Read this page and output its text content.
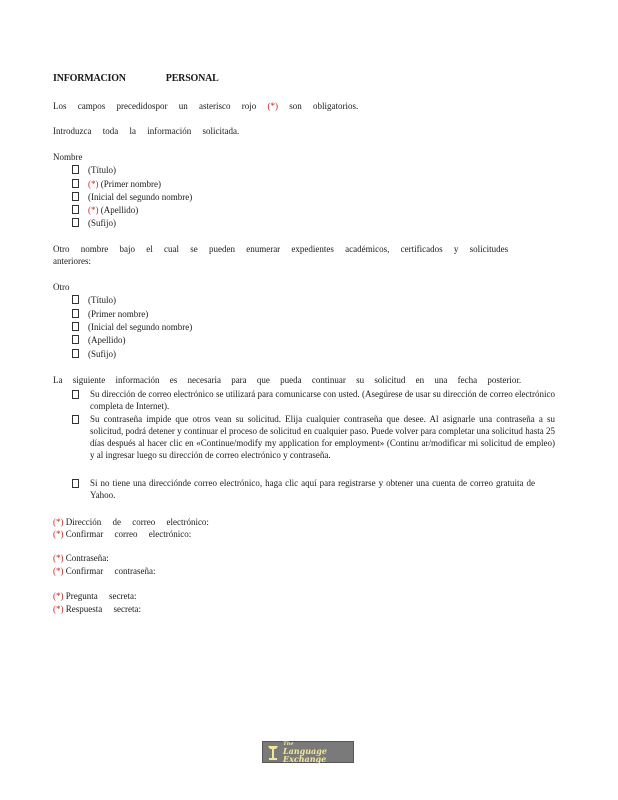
INFORMACION	PERSONAL
Los campos precedidospor un asterisco rojo (*) son obligatorios.
Introduzca toda la información solicitada.
Nombre
(Título)
(*) (Primer nombre)
(Inicial del segundo nombre)
(*) (Apellido)
(Sufijo)
Otro nombre bajo el cual se pueden enumerar expedientes académicos, certificados y solicitudes anteriores:
Otro
(Título)
(Primer nombre)
(Inicial del segundo nombre)
(Apellido)
(Sufijo)
La siguiente información es necesaria para que pueda continuar su solicitud en una fecha posterior.
Su dirección de correo electrónico se utilizará para comunicarse con usted. (Asegúrese de usar su dirección de correo electrónico completa de Internet).
Su contraseña impide que otros vean su solicitud. Elija cualquier contraseña que desee. Al asignarle una contraseña a su solicitud, podrá detener y continuar el proceso de solicitud en cualquier paso. Puede volver para completar una solicitud hasta 25 días después al hacer clic en «Continue/modify my application for employment» (Continu ar/modificar mi solicitud de empleo) y al ingresar luego su dirección de correo electrónico y contraseña.
Si no tiene una direcciónde correo electrónico, haga clic aquí para registrarse y obtener una cuenta de correo gratuita de Yahoo.
(*) Dirección de correo electrónico:
(*) Confirmar correo electrónico:
(*) Contraseña:
(*) Confirmar contraseña:
(*) Pregunta secreta:
(*) Respuesta secreta:
The
Language Exchange
